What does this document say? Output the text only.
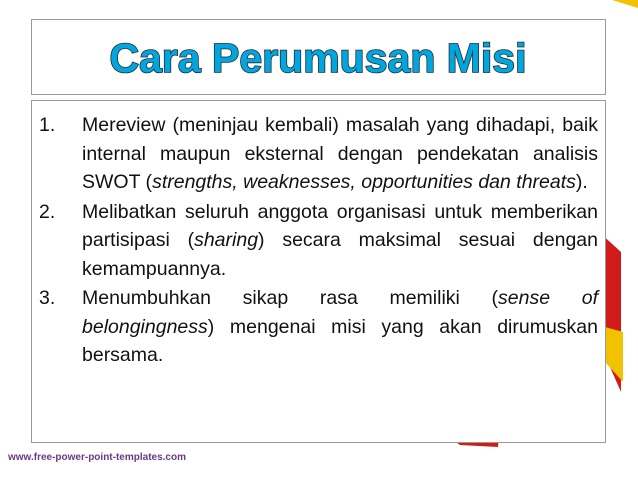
Cara Perumusan Misi
1. Mereview (meninjau kembali) masalah yang dihadapi, baik internal maupun eksternal dengan pendekatan analisis SWOT (strengths, weaknesses, opportunities dan threats).
2. Melibatkan seluruh anggota organisasi untuk memberikan partisipasi (sharing) secara maksimal sesuai dengan kemampuannya.
3. Menumbuhkan sikap rasa memiliki (sense of belongingness) mengenai misi yang akan dirumuskan bersama.
www.free-power-point-templates.com
